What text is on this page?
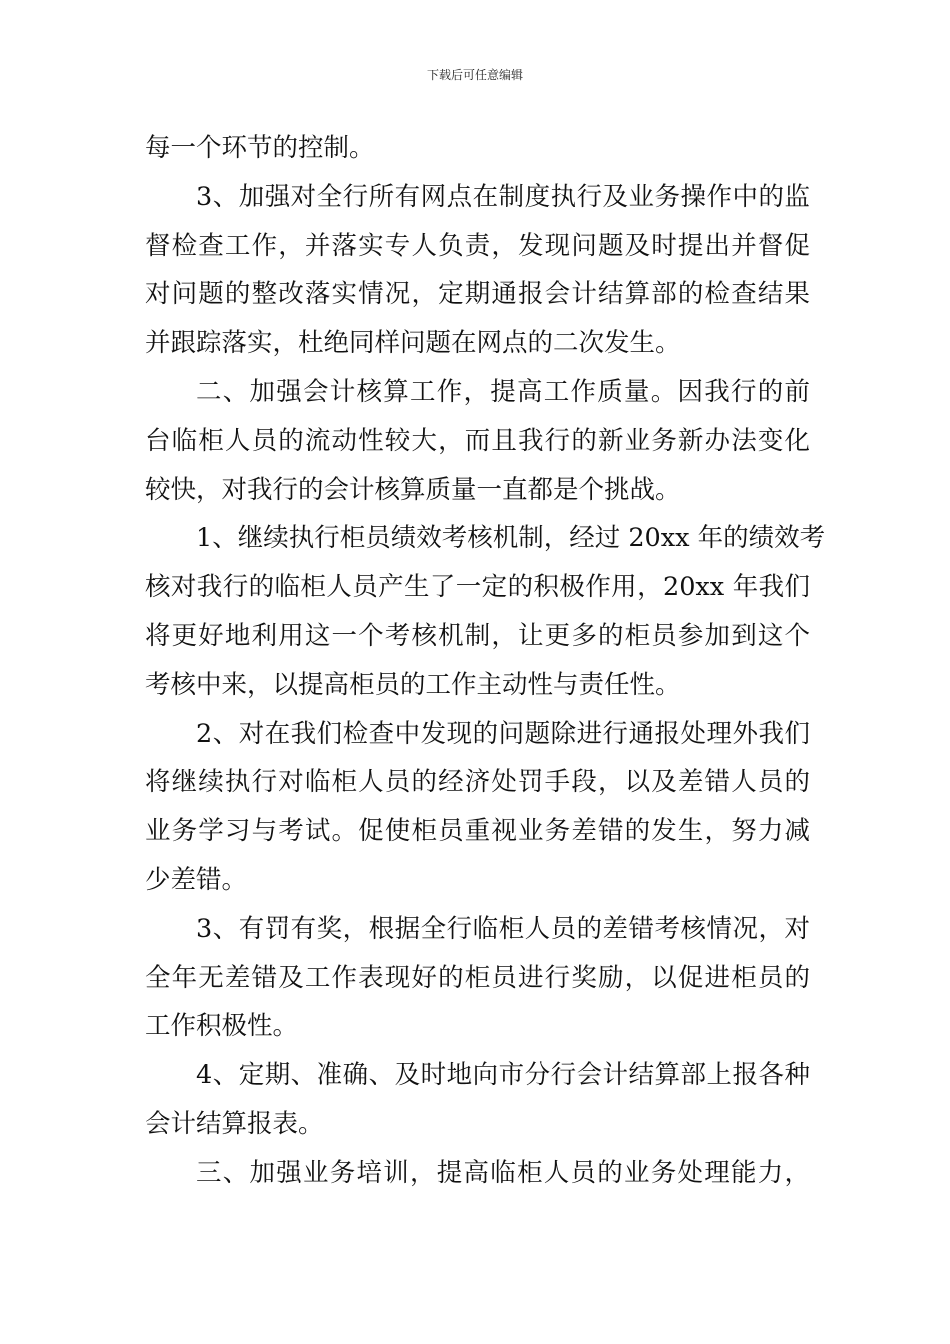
下载后可任意编辑
每一个环节的控制。
3、加强对全行所有网点在制度执行及业务操作中的监
督检查工作，并落实专人负责，发现问题及时提出并督促
对问题的整改落实情况，定期通报会计结算部的检查结果
并跟踪落实，杜绝同样问题在网点的二次发生。
二、加强会计核算工作，提高工作质量。因我行的前
台临柜人员的流动性较大，而且我行的新业务新办法变化
较快，对我行的会计核算质量一直都是个挑战。
1、继续执行柜员绩效考核机制，经过 20xx 年的绩效考
核对我行的临柜人员产生了一定的积极作用，20xx 年我们
将更好地利用这一个考核机制，让更多的柜员参加到这个
考核中来，以提高柜员的工作主动性与责任性。
2、对在我们检查中发现的问题除进行通报处理外我们
将继续执行对临柜人员的经济处罚手段，以及差错人员的
业务学习与考试。促使柜员重视业务差错的发生，努力减
少差错。
3、有罚有奖，根据全行临柜人员的差错考核情况，对
全年无差错及工作表现好的柜员进行奖励，以促进柜员的
工作积极性。
4、定期、准确、及时地向市分行会计结算部上报各种
会计结算报表。
三、加强业务培训，提高临柜人员的业务处理能力，
